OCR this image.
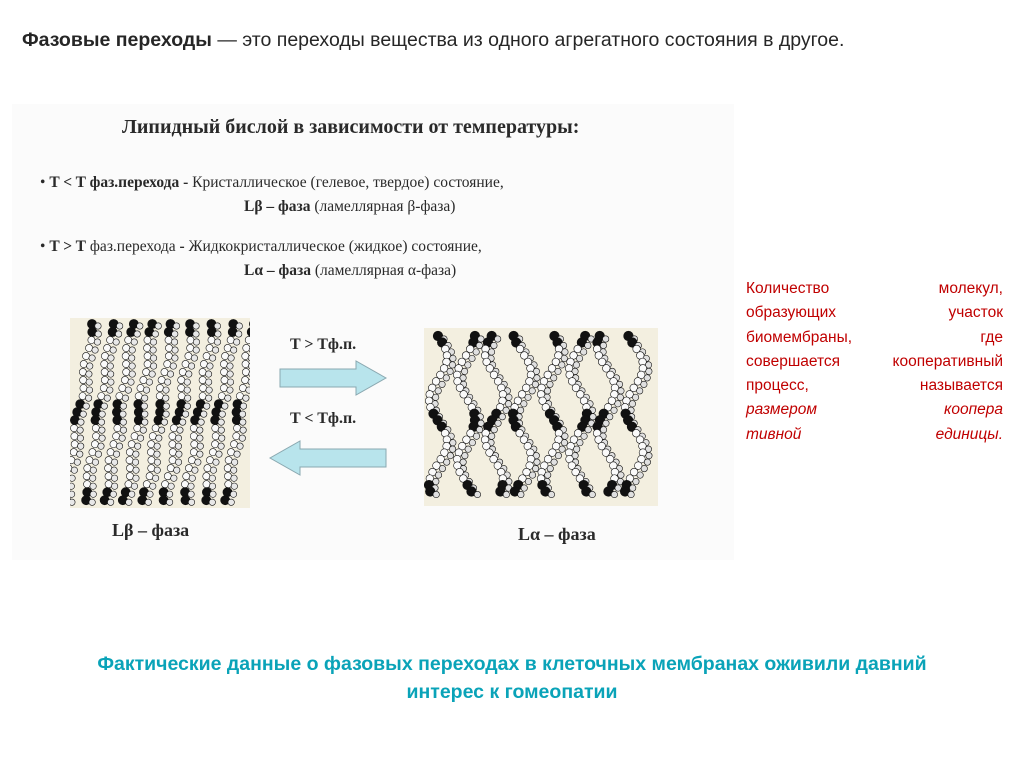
Фазовые переходы — это переходы вещества из одного агрегатного состояния в другое.
Липидный бислой в зависимости от температуры:
• T < T фаз.перехода - Кристаллическое (гелевое, твердое) состояние,
Lβ – фаза (ламеллярная β-фаза)
• T > T фаз.перехода - Жидкокристаллическое (жидкое) состояние,
Lα – фаза (ламеллярная α-фаза)
T > Tф.п.
T < Tф.п.
Lβ – фаза	Lα – фаза
Количество	молекул,
образующих	участок
биомембраны,	где
совершается кооперативный
процесс,	называется
размером	коопера
тивной	единицы.
Фактические данные о фазовых переходах в клеточных мембранах оживили давний
интерес к гомеопатии
